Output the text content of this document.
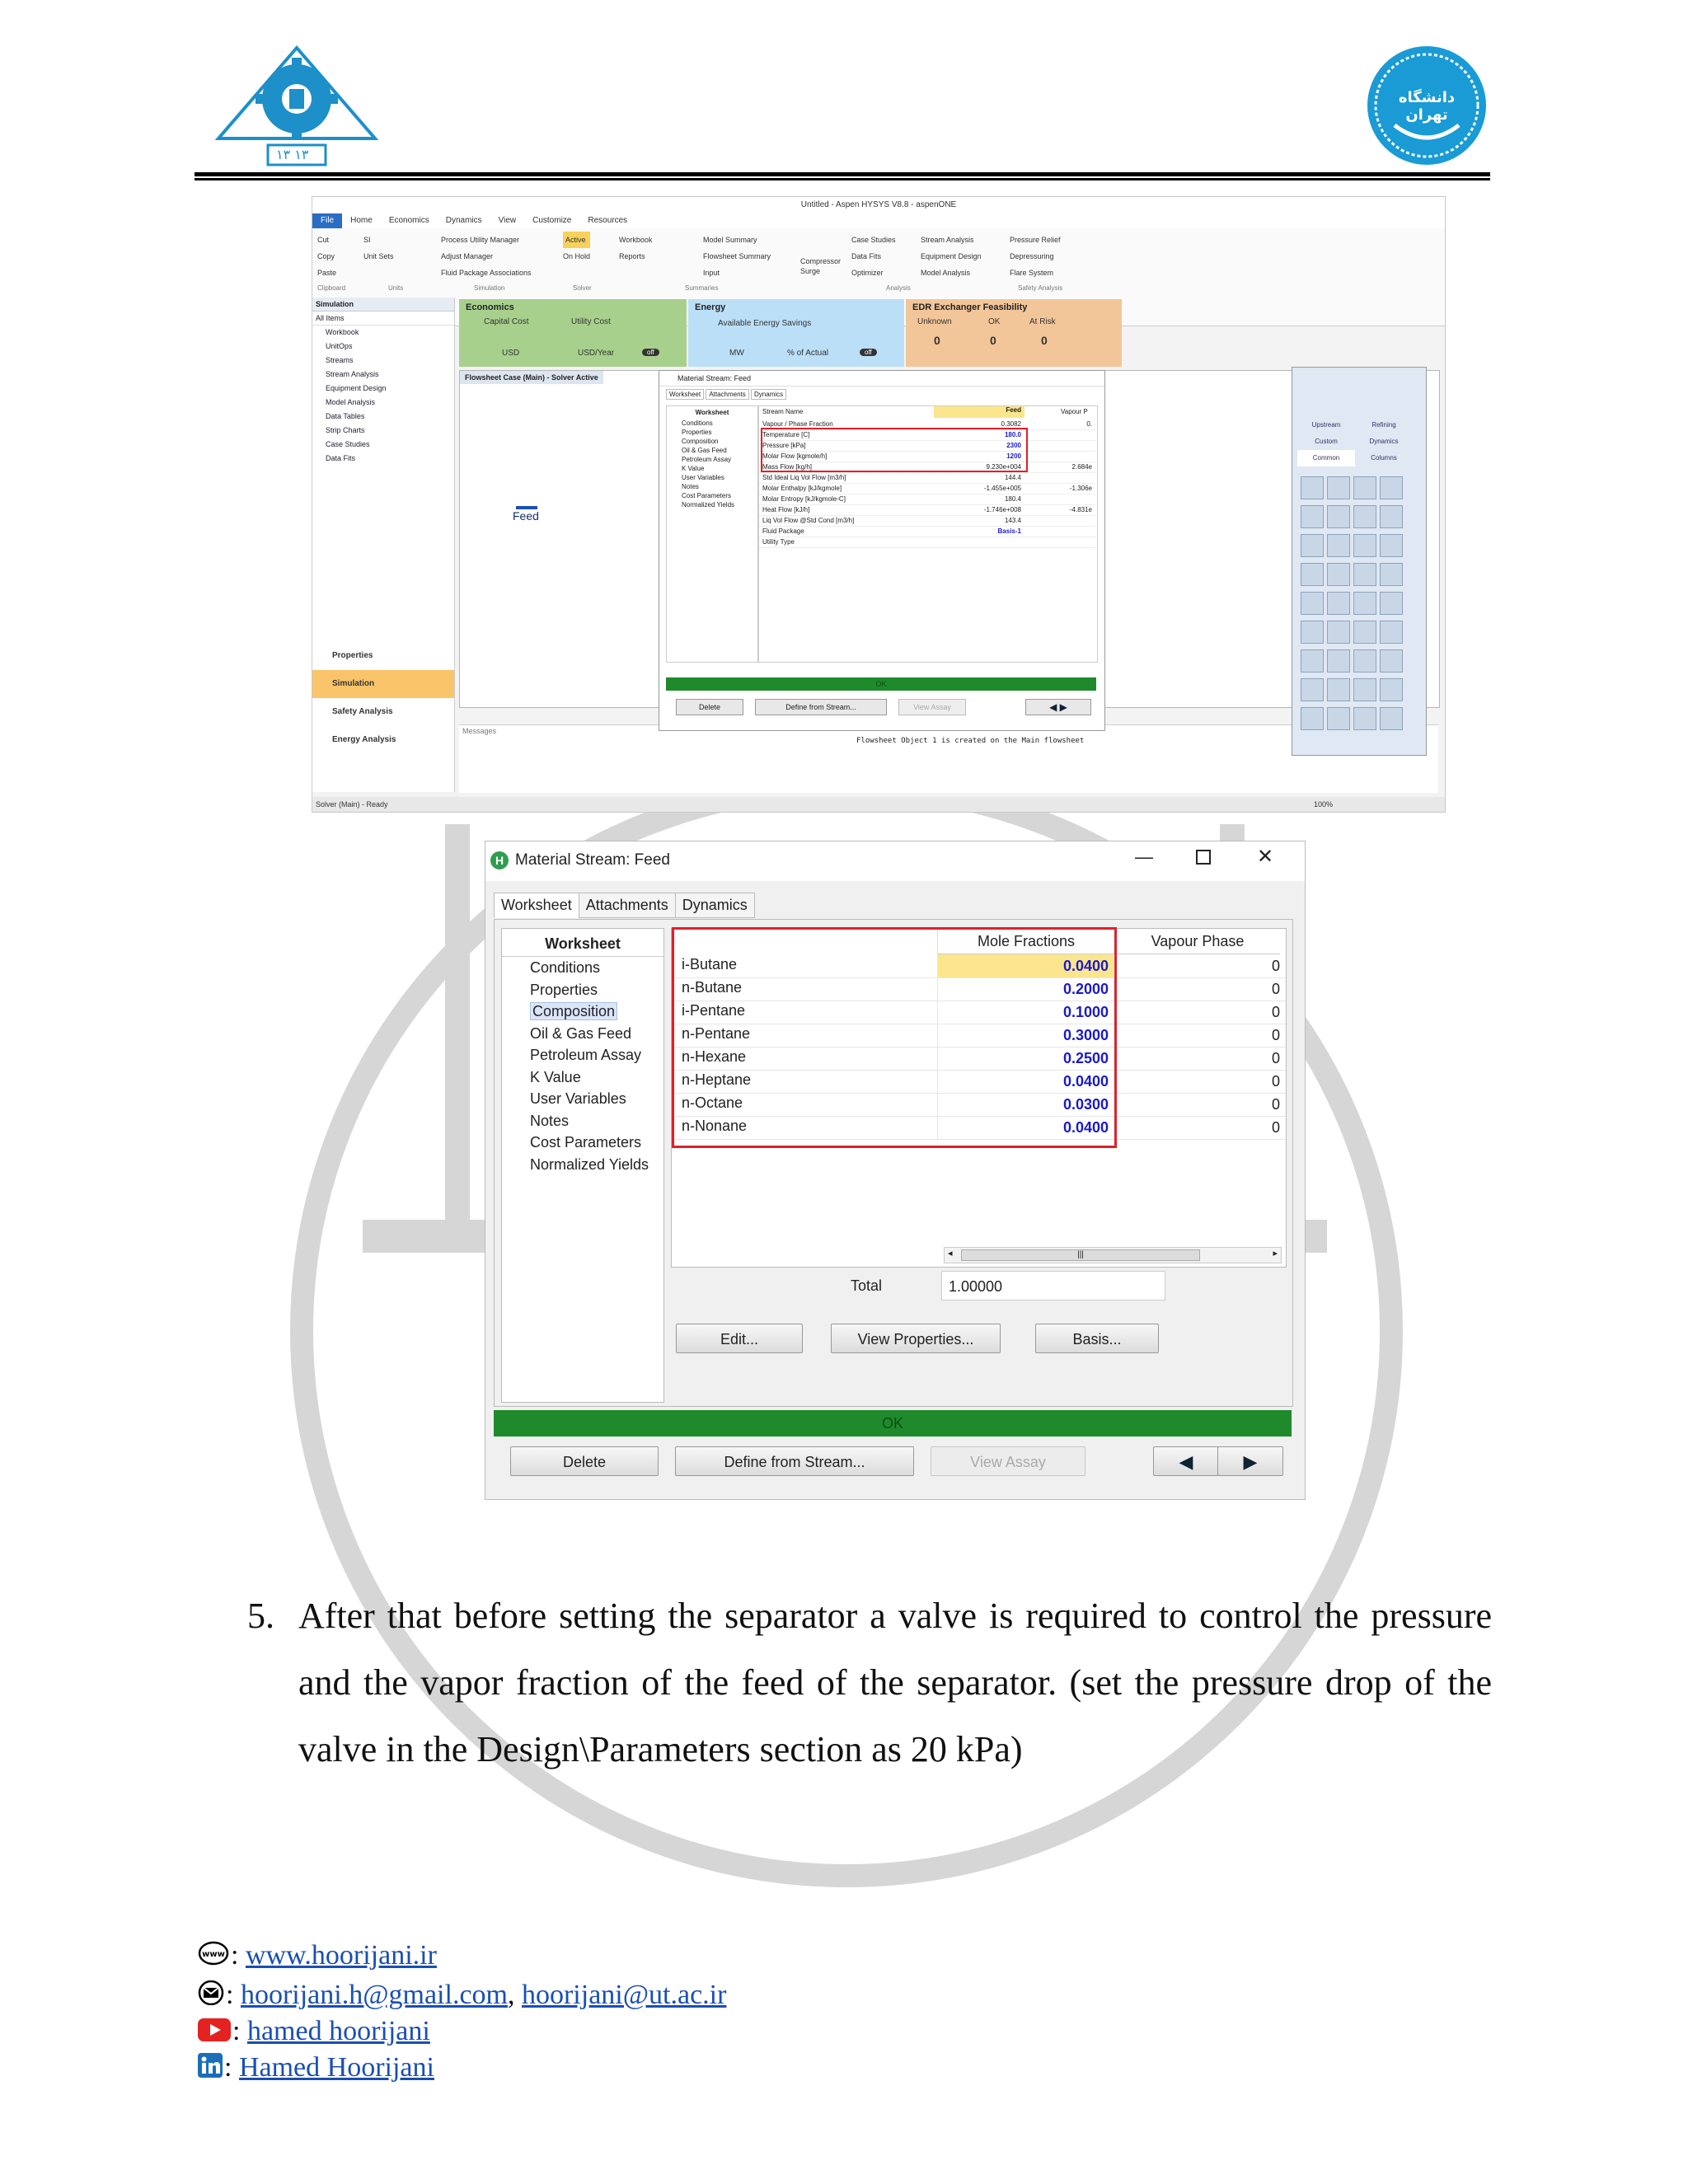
۱۳ ۱۳
دانشگاه تهران
Untitled - Aspen HYSYS V8.8 - aspenONE
File Home Economics Dynamics View Customize Resources
Cut
Copy
Paste
SI
Unit Sets
Process Utility Manager
Adjust Manager
Fluid Package Associations
Active
On Hold
Workbook
Reports
Model Summary
Flowsheet Summary
Input
Compressor Surge
Case Studies
Data Fits
Optimizer
Stream Analysis
Equipment Design
Model Analysis
Pressure Relief
Depressuring
Flare System
Clipboard	Units	Simulation	Solver	Summaries	Analysis	Safety Analysis
Simulation
All Items
Workbook
UnitOps
Streams
Stream Analysis
Equipment Design
Model Analysis
Data Tables
Strip Charts
Case Studies
Data Fits
Properties
Simulation
Safety Analysis
Energy Analysis
Economics
Capital Cost	Utility Cost
USD	USD/Year	off
Energy
Available Energy Savings
MW	% of Actual	off
EDR Exchanger Feasibility
Unknown	OK	At Risk
0	0	0
Flowsheet Case (Main) - Solver Active
Feed
Messages
Flowsheet Object 1 is created on the Main flowsheet
Material Stream: Feed
Worksheet Attachments Dynamics
Worksheet
Conditions
Properties
Composition
Oil & Gas Feed
Petroleum Assay
K Value
User Variables
Notes
Cost Parameters
Normalized Yields
Stream Name	Feed	Vapour P
Vapour / Phase Fraction	0.3082	0.
Temperature [C]	180.0
Pressure [kPa]	2300
Molar Flow [kgmole/h]	1200
Mass Flow [kg/h]	9.230e+004	2.684e
Std Ideal Liq Vol Flow [m3/h]	144.4
Molar Enthalpy [kJ/kgmole]	-1.455e+005	-1.306e
Molar Entropy [kJ/kgmole-C]	180.4
Heat Flow [kJ/h]	-1.746e+008	-4.831e
Liq Vol Flow @Std Cond [m3/h]	143.4
Fluid Package	Basis-1
Utility Type
OK
Delete	Define from Stream...	View Assay	◀ ▶
Upstream	Refining Custom	Dynamics Common	Columns

Solver (Main) - Ready	100%
H Material Stream: Feed	—	✕
Worksheet Attachments Dynamics
Worksheet
Conditions
Properties
Composition
Oil & Gas Feed
Petroleum Assay
K Value
User Variables
Notes
Cost Parameters
Normalized Yields
Mole Fractions	Vapour Phase
i-Butane	0.0400	0
n-Butane	0.2000	0
i-Pentane	0.1000	0
n-Pentane	0.3000	0
n-Hexane	0.2500	0
n-Heptane	0.0400	0
n-Octane	0.0300	0
n-Nonane	0.0400	0
◂	|||	▸
Total	1.00000
Edit...	View Properties...	Basis...
OK
Delete	Define from Stream...	View Assay	◀	▶
5. After that before setting the separator a valve is required to control the pressure and the vapor fraction of the feed of the separator. (set the pressure drop of the valve in the Design\Parameters section as 20 kPa)
www : www.hoorijani.ir
: hoorijani.h@gmail.com, hoorijani@ut.ac.ir
: hamed hoorijani
: Hamed Hoorijani
